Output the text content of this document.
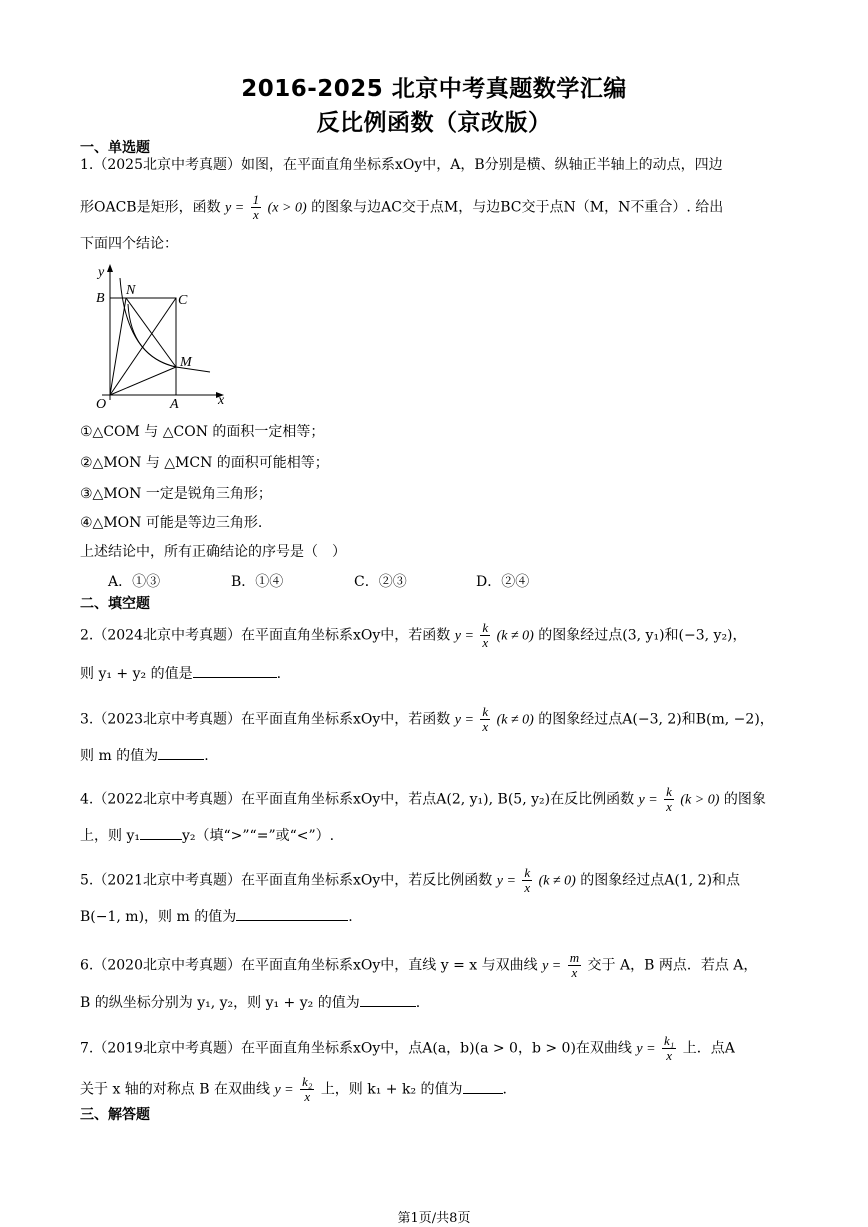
2016-2025 北京中考真题数学汇编
反比例函数（京改版）
一、单选题
1.（2025北京中考真题）如图，在平面直角坐标系xOy中，A，B分别是横、纵轴正半轴上的动点，四边
形OACB是矩形，函数 $y = \frac{1}{x} (x > 0)$ 的图象与边AC交于点M，与边BC交于点N（M，N不重合）. 给出
下面四个结论：
y
B
N
C
M
O	A	x
①△COM 与 △CON 的面积一定相等；
②△MON 与 △MCN 的面积可能相等；
③△MON 一定是锐角三角形；
④△MON 可能是等边三角形.
上述结论中，所有正确结论的序号是（　）
A．①③	B．①④	C．②③	D．②④
二、填空题
2.（2024北京中考真题）在平面直角坐标系xOy中，若函数 $y = \frac{k}{x} (k \ne 0)$ 的图象经过点(3, y₁)和(−3, y₂)，
则 y₁ + y₂ 的值是	.
3.（2023北京中考真题）在平面直角坐标系xOy中，若函数 $y = \frac{k}{x} (k \ne 0)$ 的图象经过点A(−3, 2)和B(m, −2)，
则 m 的值为	.
4.（2022北京中考真题）在平面直角坐标系xOy中，若点A(2, y₁), B(5, y₂)在反比例函数 $y = \frac{k}{x} (k > 0)$ 的图象
上，则 y₁	y₂（填“>”“=”或“<”）.
5.（2021北京中考真题）在平面直角坐标系xOy中，若反比例函数 $y = \frac{k}{x} (k \ne 0)$ 的图象经过点A(1, 2)和点
B(−1, m)，则 m 的值为	.
6.（2020北京中考真题）在平面直角坐标系xOy中，直线 y = x 与双曲线 $y = \frac{m}{x}$ 交于 A，B 两点．若点 A，
B 的纵坐标分别为 y₁, y₂，则 y₁ + y₂ 的值为	.
7.（2019北京中考真题）在平面直角坐标系xOy中，点A(a，b)(a > 0，b > 0)在双曲线 $y = \frac{\text{k₁}}{x}$ 上．点A
关于 x 轴的对称点 B 在双曲线 $y = \frac{\text{k₂}}{x}$ 上，则 k₁ + k₂ 的值为	.
三、解答题
第1页/共8页
